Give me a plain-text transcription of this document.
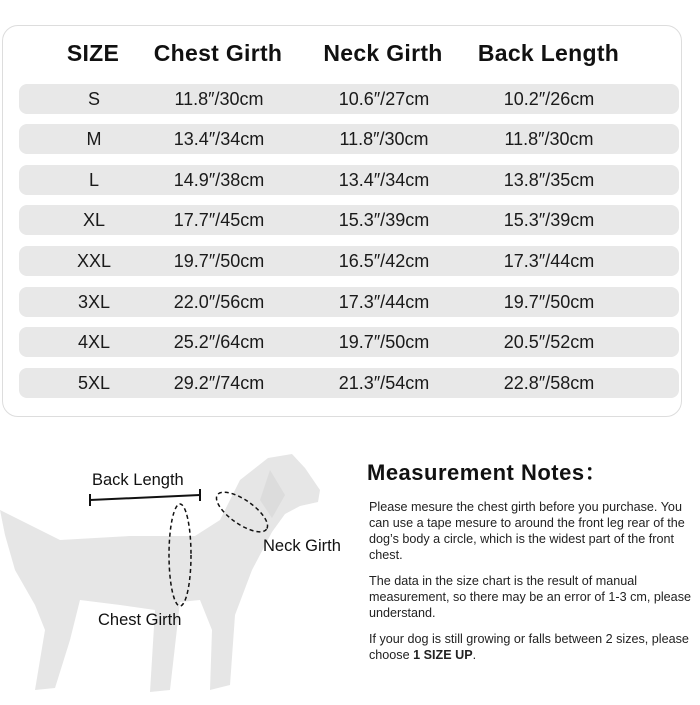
SIZE	Chest Girth	Neck Girth	Back Length
S	11.8″/30cm	10.6″/27cm	10.2″/26cm
M	13.4″/34cm	11.8″/30cm	11.8″/30cm
L	14.9″/38cm	13.4″/34cm	13.8″/35cm
XL	17.7″/45cm	15.3″/39cm	15.3″/39cm
XXL	19.7″/50cm	16.5″/42cm	17.3″/44cm
3XL	22.0″/56cm	17.3″/44cm	19.7″/50cm
4XL	25.2″/64cm	19.7″/50cm	20.5″/52cm
5XL	29.2″/74cm	21.3″/54cm	22.8″/58cm
Back Length
Neck Girth
Chest Girth
Measurement Notes：

Please mesure the chest girth before you purchase. You can use a tape mesure to around the front leg rear of the dog’s body a circle, which is the widest part of the front chest.

The data in the size chart is the result of manual measurement, so there may be an error of 1-3 cm, please understand.

If your dog is still growing or falls between 2 sizes, please choose 1 SIZE UP.
